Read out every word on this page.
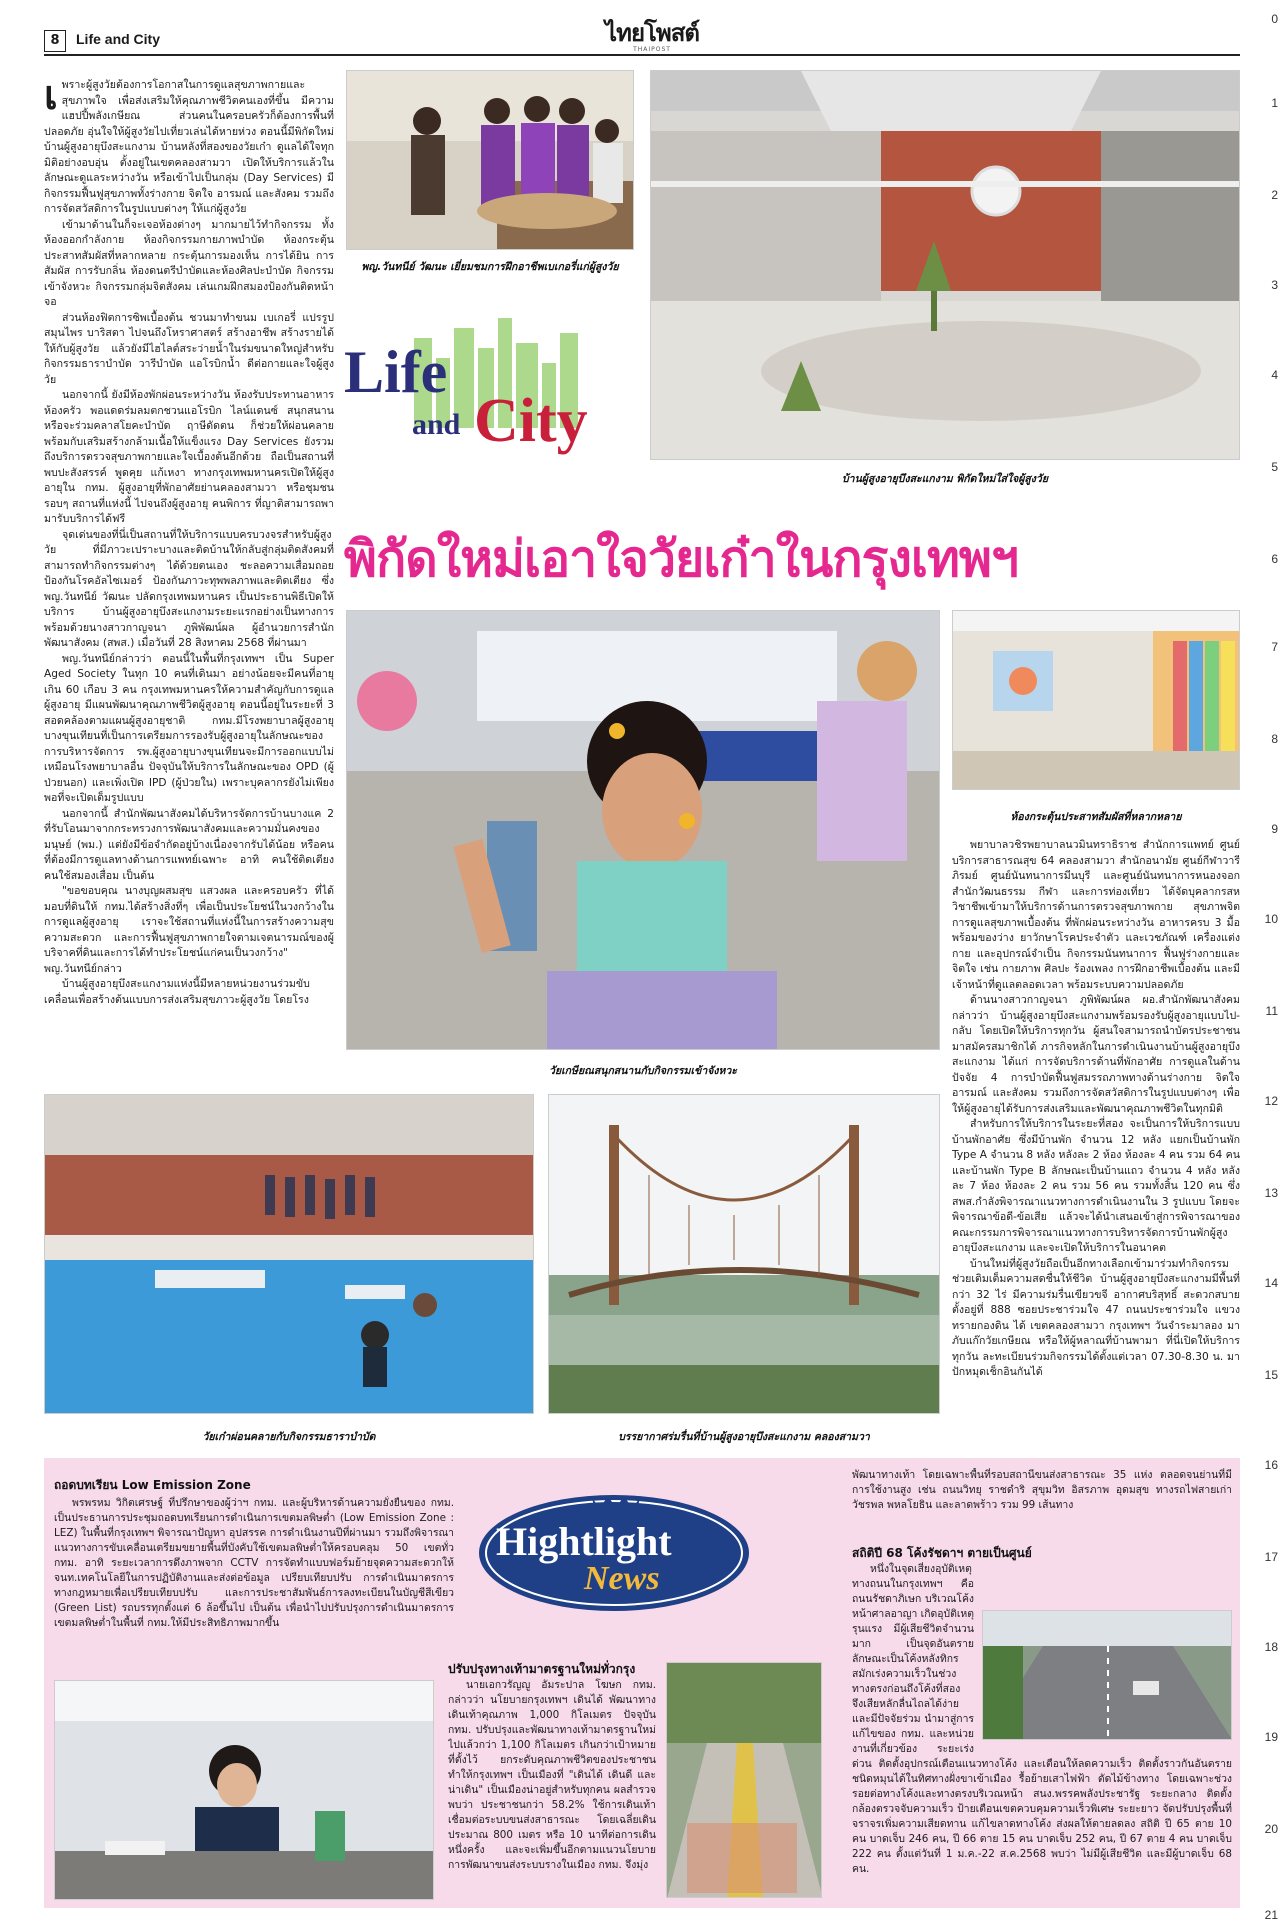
0
1
2
3
4
5
6
7
8
9
10
11
12
13
14
15
16
17
18
19
20
21
8	Life and City	ไทยโพสต์
THAIPOST
เ พราะผู้สูงวัยต้องการโอกาสในการดูแลสุขภาพกายและสุขภาพใจ เพื่อส่งเสริมให้คุณภาพชีวิตคนเองที่ขึ้น มีความแฮปปี้พลังเกษียณ ส่วนคนในครอบครัวก็ต้องการพื้นที่ปลอดภัย อุ่นใจให้ผู้สูงวัยไปเที่ยวเล่นได้หายห่วง ตอนนี้มีพิกัดใหม่ บ้านผู้สูงอายุบึงสะแกงาม บ้านหลังที่สองของวัยเก๋า ดูแลได้ใจทุกมิติอย่างอบอุ่น ตั้งอยู่ในเขตคลองสามวา เปิดให้บริการแล้วในลักษณะดูแลระหว่างวัน หรือเข้าไปเป็นกลุ่ม (Day Services) มีกิจกรรมฟื้นฟูสุขภาพทั้งร่างกาย จิตใจ อารมณ์ และสังคม รวมถึงการจัดสวัสดิการในรูปแบบต่างๆ ให้แก่ผู้สูงวัย

เข้ามาด้านในก็จะเจอห้องต่างๆ มากมายไว้ทำกิจกรรม ทั้งห้องออกกำลังกาย ห้องกิจกรรมกายภาพบำบัด ห้องกระตุ้นประสาทสัมผัสที่หลากหลาย กระตุ้นการมองเห็น การได้ยิน การสัมผัส การรับกลิ่น ห้องดนตรีบำบัดและห้องศิลปะบำบัด กิจกรรมเข้าจังหวะ กิจกรรมกลุ่มจิตสังคม เล่นเกมฝึกสมองป้องกันติดหน้าจอ

ส่วนห้องฟิตการซิพเบื้องต้น ชวนมาทำขนม เบเกอรี่ แปรรูปสมุนไพร บาริสตา ไปจนถึงโหราศาสตร์ สร้างอาชีพ สร้างรายได้ให้กับผู้สูงวัย แล้วยังมีไฮไลต์สระว่ายน้ำในร่มขนาดใหญ่สำหรับกิจกรรมธาราบำบัด วารีบำบัด แอโรบิกน้ำ ดีต่อกายและใจผู้สูงวัย

นอกจากนี้ ยังมีห้องพักผ่อนระหว่างวัน ห้องรับประทานอาหาร ห้องครัว พอแดดร่มลมตกชวนแอโรบิก ไลน์แดนซ์ สนุกสนาน หรือจะร่วมคลาสโยคะบำบัด ฤาษีดัดตน ก็ช่วยให้ผ่อนคลาย พร้อมกับเสริมสร้างกล้ามเนื้อให้แข็งแรง Day Services ยังรวมถึงบริการตรวจสุขภาพกายและใจเบื้องต้นอีกด้วย ถือเป็นสถานที่พบปะสังสรรค์ พูดคุย แก้เหงา ทางกรุงเทพมหานครเปิดให้ผู้สูงอายุใน กทม. ผู้สูงอายุที่พักอาศัยย่านคลองสามวา หรือชุมชนรอบๆ สถานที่แห่งนี้ ไปจนถึงผู้สูงอายุ คนพิการ ที่ญาติสามารถพามารับบริการได้ฟรี

จุดเด่นของที่นี่เป็นสถานที่ให้บริการแบบครบวงจรสำหรับผู้สูงวัย ที่มีภาวะเปราะบางและติดบ้านให้กลับสู่กลุ่มติดสังคมที่สามารถทำกิจกรรมต่างๆ ได้ด้วยตนเอง ชะลอความเสื่อมถอย ป้องกันโรคอัลไซเมอร์ ป้องกันภาวะทุพพลภาพและติดเตียง ซึ่ง พญ.วันทนีย์ วัฒนะ ปลัดกรุงเทพมหานคร เป็นประธานพิธีเปิดให้บริการ บ้านผู้สูงอายุบึงสะแกงามระยะแรกอย่างเป็นทางการ พร้อมด้วยนางสาวกาญจนา ภูพิพัฒน์ผล ผู้อำนวยการสำนักพัฒนาสังคม (สพส.) เมื่อวันที่ 28 สิงหาคม 2568 ที่ผ่านมา

พญ.วันทนีย์กล่าวว่า ตอนนี้ในพื้นที่กรุงเทพฯ เป็น Super Aged Society ในทุก 10 คนที่เดินมา อย่างน้อยจะมีคนที่อายุเกิน 60 เกือบ 3 คน กรุงเทพมหานครให้ความสำคัญกับการดูแลผู้สูงอายุ มีแผนพัฒนาคุณภาพชีวิตผู้สูงอายุ ตอนนี้อยู่ในระยะที่ 3 สอดคล้องตามแผนผู้สูงอายุชาติ กทม.มีโรงพยาบาลผู้สูงอายุบางขุนเทียนที่เป็นการเตรียมการรองรับผู้สูงอายุในลักษณะของการบริหารจัดการ รพ.ผู้สูงอายุบางขุนเทียนจะมีการออกแบบไม่เหมือนโรงพยาบาลอื่น ปัจจุบันให้บริการในลักษณะของ OPD (ผู้ป่วยนอก) และเพิ่งเปิด IPD (ผู้ป่วยใน) เพราะบุคลากรยังไม่เพียงพอที่จะเปิดเต็มรูปแบบ

นอกจากนี้ สำนักพัฒนาสังคมได้บริหารจัดการบ้านบางแค 2 ที่รับโอนมาจากกระทรวงการพัฒนาสังคมและความมั่นคงของมนุษย์ (พม.) แต่ยังมีข้อจำกัดอยู่บ้างเนื่องจากรับได้น้อย หรือคนที่ต้องมีการดูแลทางด้านการแพทย์เฉพาะ อาทิ คนใช้ติดเตียง คนใช้สมองเสื่อม เป็นต้น

"ขอขอบคุณ นางบุญผสมสุข แสวงผล และครอบครัว ที่ได้มอบที่ดินให้ กทม.ได้สร้างสิ่งที่ๆ เพื่อเป็นประโยชน์ในวงกว้างในการดูแลผู้สูงอายุ เราจะใช้สถานที่แห่งนี้ในการสร้างความสุข ความสะดวก และการฟื้นฟูสุขภาพกายใจตามเจตนารมณ์ของผู้บริจาคที่ดินและการได้ทำประโยชน์แก่คนเป็นวงกว้าง" พญ.วันทนีย์กล่าว

บ้านผู้สูงอายุบึงสะแกงามแห่งนี้มีหลายหน่วยงานร่วมขับเคลื่อนเพื่อสร้างต้นแบบการส่งเสริมสุขภาวะผู้สูงวัย โดยโรง

พญ.วันทนีย์ วัฒนะ เยี่ยมชมการฝึกอาชีพเบเกอรี่แก่ผู้สูงวัย
บ้านผู้สูงอายุบึงสะแกงาม พิกัดใหม่ใส่ใจผู้สูงวัย
Life
and City
พิกัดใหม่เอาใจวัยเก๋าในกรุงเทพฯ
วัยเกษียณสนุกสนานกับกิจกรรมเข้าจังหวะ
ห้องกระตุ้นประสาทสัมผัสที่หลากหลาย

พยาบาลวชิรพยาบาลนวมินทราธิราช สำนักการแพทย์ ศูนย์บริการสาธารณสุข 64 คลองสามวา สำนักอนามัย ศูนย์กีฬาวารีภิรมย์ ศูนย์นันทนาการมีนบุรี และศูนย์นันทนาการหนองจอก สำนักวัฒนธรรม กีฬา และการท่องเที่ยว ได้จัดบุคลากรสหวิชาชีพเข้ามาให้บริการด้านการตรวจสุขภาพกาย สุขภาพจิต การดูแลสุขภาพเบื้องต้น ที่พักผ่อนระหว่างวัน อาหารครบ 3 มื้อ พร้อมของว่าง ยาวักษาโรคประจำตัว และเวชภัณฑ์ เครื่องแต่งกาย และอุปกรณ์จำเป็น กิจกรรมนันทนาการ ฟื้นฟูร่างกายและจิตใจ เช่น กายภาพ ศิลปะ ร้องเพลง การฝึกอาชีพเบื้องต้น และมีเจ้าหน้าที่ดูแลตลอดเวลา พร้อมระบบความปลอดภัย

ด้านนางสาวกาญจนา ภูพิพัฒน์ผล ผอ.สำนักพัฒนาสังคม กล่าวว่า บ้านผู้สูงอายุบึงสะแกงามพร้อมรองรับผู้สูงอายุแบบไป-กลับ โดยเปิดให้บริการทุกวัน ผู้สนใจสามารถนำบัตรประชาชนมาสมัครสมาชิกได้ ภารกิจหลักในการดำเนินงานบ้านผู้สูงอายุบึงสะแกงาม ได้แก่ การจัดบริการด้านที่พักอาศัย การดูแลในด้านปัจจัย 4 การบำบัดฟื้นฟูสมรรถภาพทางด้านร่างกาย จิตใจ อารมณ์ และสังคม รวมถึงการจัดสวัสดิการในรูปแบบต่างๆ เพื่อให้ผู้สูงอายุได้รับการส่งเสริมและพัฒนาคุณภาพชีวิตในทุกมิติ

สำหรับการให้บริการในระยะที่สอง จะเป็นการให้บริการแบบบ้านพักอาศัย ซึ่งมีบ้านพัก จำนวน 12 หลัง แยกเป็นบ้านพัก Type A จำนวน 8 หลัง หลังละ 2 ห้อง ห้องละ 4 คน รวม 64 คน และบ้านพัก Type B ลักษณะเป็นบ้านแถว จำนวน 4 หลัง หลังละ 7 ห้อง ห้องละ 2 คน รวม 56 คน รวมทั้งสิ้น 120 คน ซึ่ง สพส.กำลังพิจารณาแนวทางการดำเนินงานใน 3 รูปแบบ โดยจะพิจารณาข้อดี-ข้อเสีย แล้วจะได้นำเสนอเข้าสู่การพิจารณาของคณะกรรมการพิจารณาแนวทางการบริหารจัดการบ้านพักผู้สูงอายุบึงสะแกงาม และจะเปิดให้บริการในอนาคต

บ้านใหม่ที่ผู้สูงวัยถือเป็นอีกทางเลือกเข้ามาร่วมทำกิจกรรมช่วยเติมเต็มความสดชื่นให้ชีวิต บ้านผู้สูงอายุบึงสะแกงามมีพื้นที่กว่า 32 ไร่ มีความร่มรื่นเขียวขจี อากาศบริสุทธิ์ สะดวกสบาย ตั้งอยู่ที่ 888 ซอยประชาร่วมใจ 47 ถนนประชาร่วมใจ แขวงทรายกองดิน ได้ เขตคลองสามวา กรุงเทพฯ วันจำระมาลอง มาภับแก๊กวัยเกษียณ หรือให้ผู้หลาณที่บ้านพามา ที่นี่เปิดให้บริการทุกวัน ละทะเบียนร่วมกิจกรรมได้ตั้งแต่เวลา 07.30-8.30 น. มาปักหมุดเช็กอินกันได้

วัยเก๋าผ่อนคลายกับกิจกรรมธาราบำบัด	บรรยากาศร่มรื่นที่บ้านผู้สูงอายุบึงสะแกงาม คลองสามวา
ถอดบทเรียน Low Emission Zone

พรพรหม วิกิตเศรษฐ์ ที่ปรึกษาของผู้ว่าฯ กทม. และผู้บริหารด้านความยั่งยืนของ กทม. เป็นประธานการประชุมถอดบทเรียนการดำเนินการเขตมลพิษต่ำ (Low Emission Zone : LEZ) ในพื้นที่กรุงเทพฯ พิจารณาปัญหา อุปสรรค การดำเนินงานปีที่ผ่านมา รวมถึงพิจารณาแนวทางการขับเคลื่อนเตรียมขยายพื้นที่บังคับใช้เขตมลพิษต่ำให้ครอบคลุม 50 เขตทั่ว กทม. อาทิ ระยะเวลาการดึงภาพจาก CCTV การจัดทำแบบฟอร์มย้ายจุดความสะดวกให้ จนท.เทคโนโลยีในการปฏิบัติงานและส่งต่อข้อมูล เปรียบเทียบปรับ การดำเนินมาตรการทางกฎหมายเพื่อเปรียบเทียบปรับ และการประชาสัมพันธ์การลงทะเบียนในบัญชีสีเขียว (Green List) รถบรรทุกตั้งแต่ 6 ล้อขึ้นไป เป็นต้น เพื่อนำไปปรับปรุงการดำเนินมาตรการเขตมลพิษต่ำในพื้นที่ กทม.ให้มีประสิทธิภาพมากขึ้น

Hightlight
News
ปรับปรุงทางเท้ามาตรฐานใหม่ทั่วกรุง

นายเอกวรัญญู อัมระปาล โฆษก กทม. กล่าวว่า นโยบายกรุงเทพฯ เดินได้ พัฒนาทางเดินเท้าคุณภาพ 1,000 กิโลเมตร ปัจจุบัน กทม. ปรับปรุงและพัฒนาทางเท้ามาตรฐานใหม่ไปแล้วกว่า 1,100 กิโลเมตร เกินกว่าเป้าหมายที่ตั้งไว้ ยกระดับคุณภาพชีวิตของประชาชน ทำให้กรุงเทพฯ เป็นเมืองที่ "เดินได้ เดินดี และน่าเดิน" เป็นเมืองน่าอยู่สำหรับทุกคน ผลสำรวจพบว่า ประชาชนกว่า 58.2% ใช้การเดินเท้าเชื่อมต่อระบบขนส่งสาธารณะ โดยเฉลี่ยเดินประมาณ 800 เมตร หรือ 10 นาทีต่อการเดินหนึ่งครั้ง และจะเพิ่มขึ้นอีกตามแนวนโยบายการพัฒนาขนส่งระบบรางในเมือง กทม. จึงมุ่ง

พัฒนาทางเท้า โดยเฉพาะพื้นที่รอบสถานีขนส่งสาธารณะ 35 แห่ง ตลอดจนย่านที่มีการใช้งานสูง เช่น ถนนวิทยุ ราชดำริ สุขุมวิท อิสรภาพ อุดมสุข ทางรถไฟสายเก่า วัชรพล พหลโยธิน และลาดพร้าว รวม 99 เส้นทาง

สถิติปี 68 โค้งรัชดาฯ ตายเป็นศูนย์

หนึ่งในจุดเสี่ยงอุบัติเหตุทางถนนในกรุงเทพฯ คือ ถนนรัชดาภิเษก บริเวณโค้งหน้าศาลอาญา เกิดอุบัติเหตุรุนแรง มีผู้เสียชีวิตจำนวนมาก เป็นจุดอันตรายลักษณะเป็นโค้งหลังทิกรสมักเร่งความเร็วในช่วงทางตรงก่อนถึงโค้งที่สอง จึงเสียหลักลื่นไถลได้ง่ายและมีปัจจัยร่วม นำมาสู่การแก้ไขของ กทม. และหน่วยงานที่เกี่ยวข้อง ระยะเร่งด่วน ติดตั้งอุปกรณ์เตือนแนวทางโค้ง และเตือนให้ลดความเร็ว ติดตั้งราวกันอันตรายชนิดหมุนได้ในทิศทางฝั่งขาเข้าเมือง รื้อย้ายเสาไฟฟ้า ตัดไม้ข้างทาง โดยเฉพาะช่วงรอยต่อทางโค้งและทางตรงบริเวณหน้า สนง.พรรคพลังประชารัฐ ระยะกลาง ติดตั้งกล้องตรวจจับความเร็ว ป้ายเตือนเขตควบคุมความเร็วพิเศษ ระยะยาว จัดปรับปรุงพื้นที่จราจรเพิ่มความเสียดทาน แก้ไขลาดทางโค้ง ส่งผลให้ตายลดลง สถิติ ปี 65 ตาย 10 คน บาดเจ็บ 246 คน, ปี 66 ตาย 15 คน บาดเจ็บ 252 คน, ปี 67 ตาย 4 คน บาดเจ็บ 222 คน ตั้งแต่วันที่ 1 ม.ค.-22 ส.ค.2568 พบว่า ไม่มีผู้เสียชีวิต และมีผู้บาดเจ็บ 68 คน.
